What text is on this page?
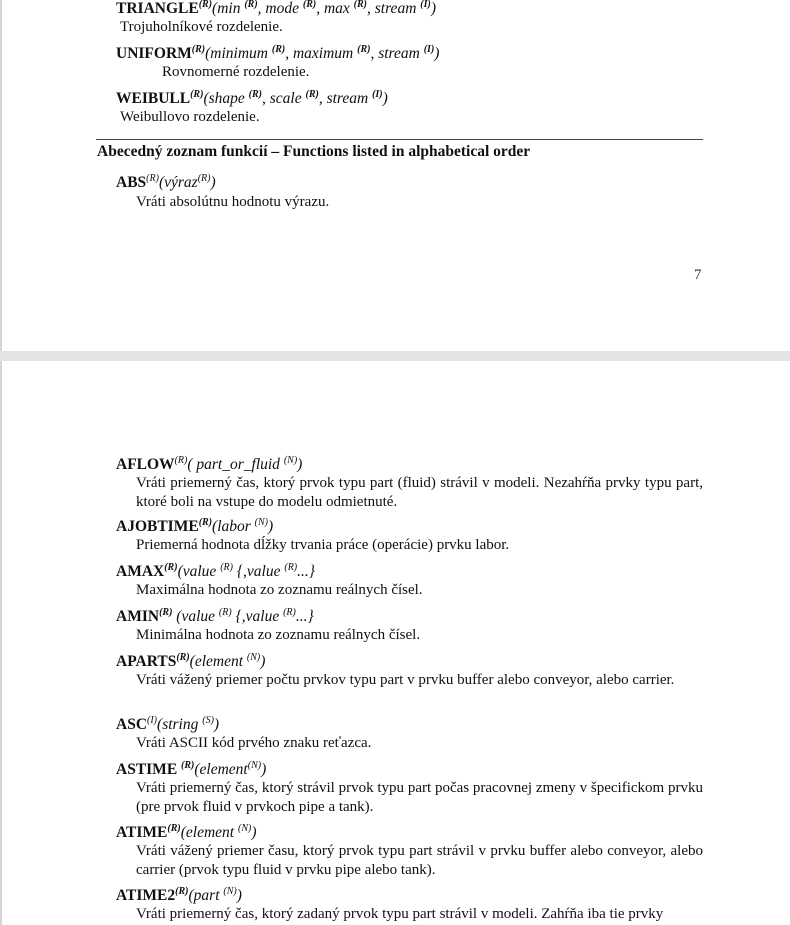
$TRIANGLE^{(R)}(\min$ $^{(R)}$, mode $^{(R)}$, max $^{(R)}$, stream $^{(I)}$)
Trojuholníkové rozdelenie.
$UNIFORM^{(R)}(minimum$ $^{(R)}$, maximum $^{(R)}$, stream $^{(I)}$)
Rovnomerné rozdelenie.
$WEIBULL^{(R)}(shape$ $^{(R)}$, scale $^{(R)}$, stream $^{(I)}$)
Weibullovo rozdelenie.
Abecedný zoznam funkcií – Functions listed in alphabetical order
$ABS^{(R)}(výraz^{(R)})$
Vráti absolútnu hodnotu výrazu.
7
$AFLOW^{(R)}$( part_or_fluid $^{(N)}$)
Vráti priemerný čas, ktorý prvok typu part (fluid) strávil v modeli. Nezahŕňa prvky typu part, ktoré boli na vstupe do modelu odmietnuté.
$AJOBTIME^{(R)}(labor$ $^{(N)}$)
Priemerná hodnota dĺžky trvania práce (operácie) prvku labor.
$AMAX^{(R)}(value$ $^{(R)}$ {,value $^{(R)}$...}
Maximálna hodnota zo zoznamu reálnych čísel.
$AMIN^{(R)}$ (value $^{(R)}$ {,value $^{(R)}$...}
Minimálna hodnota zo zoznamu reálnych čísel.
$APARTS^{(R)}(element$ $^{(N)}$)
Vráti vážený priemer počtu prvkov typu part v prvku buffer alebo conveyor, alebo carrier.
$ASC^{(I)}(string$ $^{(S)}$)
Vráti ASCII kód prvého znaku reťazca.
ASTIME $^{(R)}$(element$^{(N)}$)
Vráti priemerný čas, ktorý strávil prvok typu part počas pracovnej zmeny v špecifickom prvku (pre prvok fluid v prvkoch pipe a tank).
$ATIME^{(R)}(element$ $^{(N)}$)
Vráti vážený priemer času, ktorý prvok typu part strávil v prvku buffer alebo conveyor, alebo carrier (prvok typu fluid v prvku pipe alebo tank).
$ATIME2^{(R)}(part$ $^{(N)}$)
Vráti priemerný čas, ktorý zadaný prvok typu part strávil v modeli. Zahŕňa iba tie prvky
